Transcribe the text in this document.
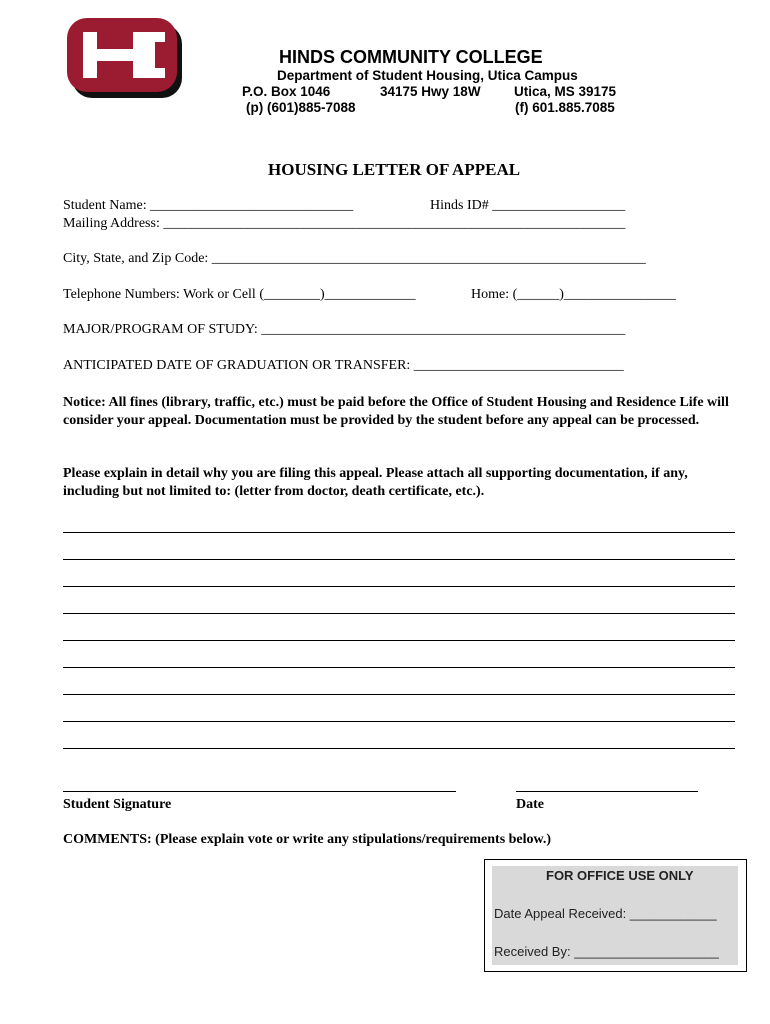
HINDS COMMUNITY COLLEGE
Department of Student Housing, Utica Campus
P.O. Box 1046	34175 Hwy 18W Utica, MS 39175
(p) (601)885-7088	(f) 601.885.7085
HOUSING LETTER OF APPEAL
Student Name: _____________________________	Hinds ID# ___________________
Mailing Address: __________________________________________________________________
City, State, and Zip Code: ______________________________________________________________
Telephone Numbers: Work or Cell (________)_____________	Home: (______)________________
MAJOR/PROGRAM OF STUDY: ____________________________________________________
ANTICIPATED DATE OF GRADUATION OR TRANSFER: ______________________________
Notice: All fines (library, traffic, etc.) must be paid before the Office of Student Housing and Residence Life will consider your appeal. Documentation must be provided by the student before any appeal can be processed.
Please explain in detail why you are filing this appeal. Please attach all supporting documentation, if any, including but not limited to: (letter from doctor, death certificate, etc.).
Student Signature	Date
COMMENTS: (Please explain vote or write any stipulations/requirements below.)
FOR OFFICE USE ONLY
Date Appeal Received: ____________
Received By: ____________________
